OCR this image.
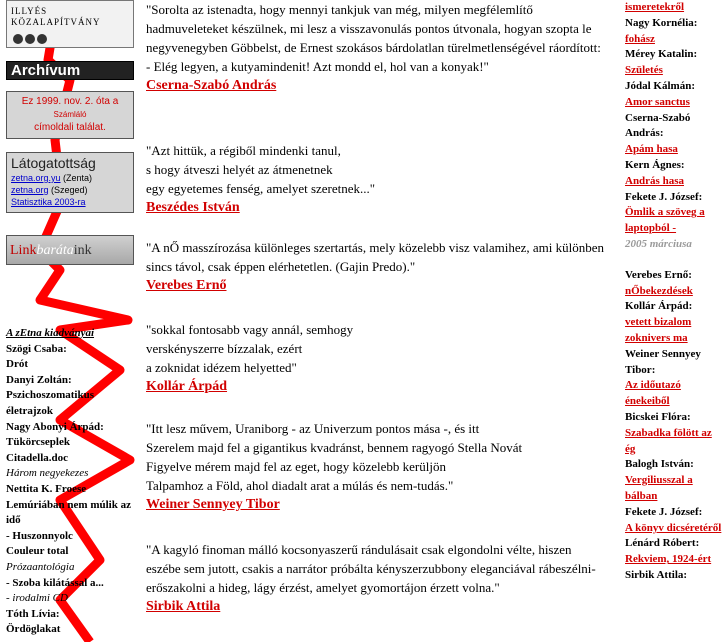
ILLYÉS
KÖZALAPÍTVÁNY
Archívum
Ez 1999. nov. 2. óta a
Számláló
címoldali találat.
Látogatottság
zetna.org.yu (Zenta)
zetna.org (Szeged)
Statisztika 2003-ra
Linkbarátaink
A zEtna kiadványai
Szögi Csaba:
Drót
Danyi Zoltán:
Pszichoszomatikus életrajzok
Nagy Abonyi Árpád:
Tükörcseplek
Citadella.doc
Három negyekezes
Nettita K. Froese
Lemúriában nem múlik az idő
- Huszonnyolc
Couleur total
Prózaantológia
- Szoba kilátással a...
- irodalmi CD
Tóth Lívia:
Ördöglakat
"Sorolta az istenadta, hogy mennyi tankjuk van még, milyen megfélemlítő hadmuveleteket készülnek, mi lesz a visszavonulás pontos útvonala, hogyan szopta le negyvenegyben Göbbelst, de Ernest szokásos bárdolatlan türelmetlenségével ráordított:
- Elég legyen, a kutyamindenit! Azt mondd el, hol van a konyak!"
Cserna-Szabó András
"Azt hittük, a régiből mindenki tanul,
s hogy átveszi helyét az átmenetnek
egy egyetemes fenség, amelyet szeretnek..."
Beszédes István
"A nŐ masszírozása különleges szertartás, mely közelebb visz valamihez, ami különben sincs távol, csak éppen elérhetetlen. (Gajin Predo)."
Verebes Ernő
"sokkal fontosabb vagy annál, semhogy
verskényszerre bízzalak, ezért
a zoknidat idézem helyetted"
Kollár Árpád
"Itt lesz művem, Uraniborg - az Univerzum pontos mása -, és itt
Szerelem majd fel a gigantikus kvadránst, bennem ragyogó Stella Novát
Figyelve mérem majd fel az eget, hogy közelebb kerüljön
Talpamhoz a Föld, ahol diadalt arat a múlás és nem-tudás."
Weiner Sennyey Tibor
"A kagyló finoman málló kocsonyaszerű rándulásait csak elgondolni vélte, hiszen eszébe sem jutott, csakis a narrátor próbálta kényszerzubbony eleganciával rábeszélni-erőszakolni a hideg, lágy érzést, amelyet gyomortájon érzett volna."
Sirbik Attila
ismeretekről
Nagy Kornélia:
fohász
Mérey Katalin:
Születés
Jódal Kálmán:
Amor sanctus
Cserna-Szabó András:
Apám hasa
Kern Ágnes:
András hasa
Fekete J. József:
Ömlik a szöveg a laptopból -
2005 márciusa
Verebes Ernő:
nŐbekezdések
Kollár Árpád:
vetett bizalom zoknivers ma
Weiner Sennyey Tibor:
Az időutazó énekeiből
Bicskei Flóra:
Szabadka fölött az ég
Balogh István:
Vergiliusszal a bálban
Fekete J. József:
A könyv dicséretéről
Lénárd Róbert:
Rekviem, 1924-ért
Sirbik Attila:
